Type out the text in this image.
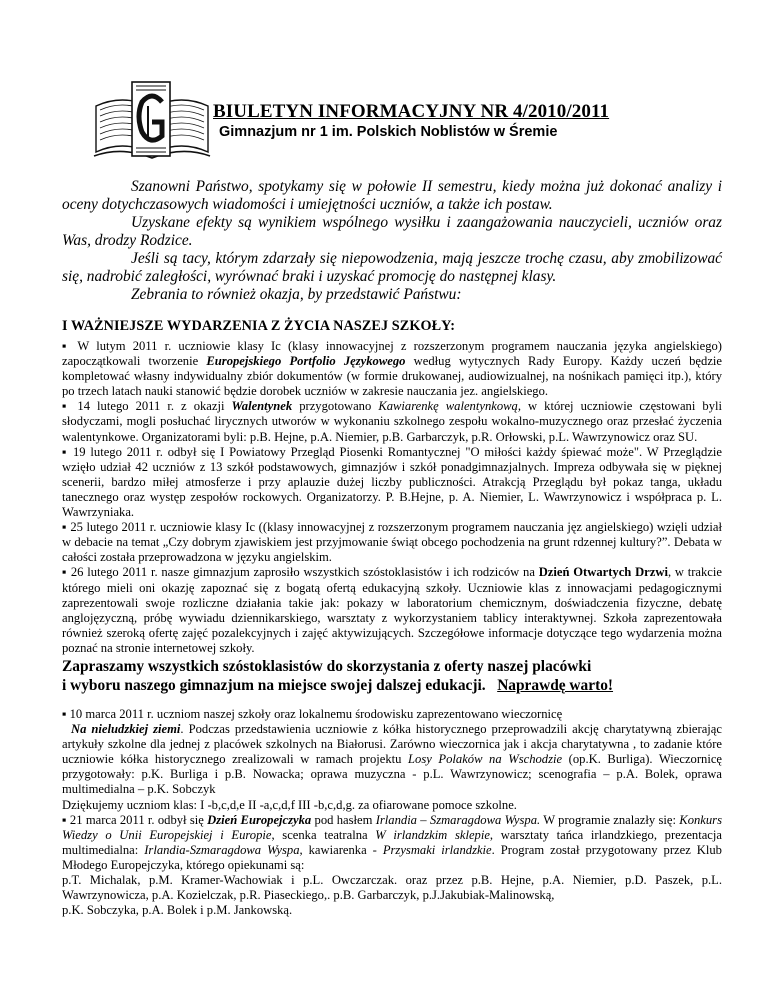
BIULETYN INFORMACYJNY NR 4/2010/2011
Gimnazjum nr 1 im. Polskich Noblistów w Śremie

Szanowni Państwo, spotykamy się w połowie II semestru, kiedy można już dokonać analizy i oceny dotychczasowych wiadomości i umiejętności uczniów, a także ich postaw.

Uzyskane efekty są wynikiem wspólnego wysiłku i zaangażowania nauczycieli, uczniów oraz Was, drodzy Rodzice.

Jeśli są tacy, którym zdarzały się niepowodzenia, mają jeszcze trochę czasu, aby zmobilizować się, nadrobić zaległości, wyrównać braki i uzyskać promocję do następnej klasy.

Zebrania to również okazja, by przedstawić Państwu:

I WAŻNIEJSZE WYDARZENIA Z ŻYCIA NASZEJ SZKOŁY:

▪ W lutym 2011 r. uczniowie klasy Ic (klasy innowacyjnej z rozszerzonym programem nauczania języka angielskiego) zapoczątkowali tworzenie Europejskiego Portfolio Językowego według wytycznych Rady Europy. Każdy uczeń będzie kompletować własny indywidualny zbiór dokumentów (w formie drukowanej, audiowizualnej, na nośnikach pamięci itp.), który po trzech latach nauki stanowić będzie dorobek uczniów w zakresie nauczania jez. angielskiego.

▪ 14 lutego 2011 r. z okazji Walentynek przygotowano Kawiarenkę walentynkową, w której uczniowie częstowani byli słodyczami, mogli posłuchać lirycznych utworów w wykonaniu szkolnego zespołu wokalno-muzycznego oraz przesłać życzenia walentynkowe. Organizatorami byli: p.B. Hejne, p.A. Niemier, p.B. Garbarczyk, p.R. Orłowski, p.L. Wawrzynowicz oraz SU.

▪ 19 lutego 2011 r. odbył się I Powiatowy Przegląd Piosenki Romantycznej "O miłości każdy śpiewać może". W Przeglądzie wzięło udział 42 uczniów z 13 szkół podstawowych, gimnazjów i szkół ponadgimnazjalnych. Impreza odbywała się w pięknej scenerii, bardzo miłej atmosferze i przy aplauzie dużej liczby publiczności. Atrakcją Przeglądu był pokaz tanga, układu tanecznego oraz występ zespołów rockowych. Organizatorzy. P. B.Hejne, p. A. Niemier, L. Wawrzynowicz i współpraca p. L. Wawrzyniaka.

▪ 25 lutego 2011 r. uczniowie klasy Ic ((klasy innowacyjnej z rozszerzonym programem nauczania jęz angielskiego) wzięli udział w debacie na temat „Czy dobrym zjawiskiem jest przyjmowanie świąt obcego pochodzenia na grunt rdzennej kultury?”. Debata w całości została przeprowadzona w języku angielskim.

▪ 26 lutego 2011 r. nasze gimnazjum zaprosiło wszystkich szóstoklasistów i ich rodziców na Dzień Otwartych Drzwi, w trakcie którego mieli oni okazję zapoznać się z bogatą ofertą edukacyjną szkoły. Uczniowie klas z innowacjami pedagogicznymi zaprezentowali swoje rozliczne działania takie jak: pokazy w laboratorium chemicznym, doświadczenia fizyczne, debatę anglojęzyczną, próbę wywiadu dziennikarskiego, warsztaty z wykorzystaniem tablicy interaktywnej. Szkoła zaprezentowała również szeroką ofertę zajęć pozalekcyjnych i zajęć aktywizujących. Szczegółowe informacje dotyczące tego wydarzenia można poznać na stronie internetowej szkoły.

Zapraszamy wszystkich szóstoklasistów do skorzystania z oferty naszej placówki
i wyboru naszego gimnazjum na miejsce swojej dalszej edukacji. Naprawdę warto!

▪ 10 marca 2011 r. uczniom naszej szkoły oraz lokalnemu środowisku zaprezentowano wieczornicę

Na nieludzkiej ziemi. Podczas przedstawienia uczniowie z kółka historycznego przeprowadzili akcję charytatywną zbierając artykuły szkolne dla jednej z placówek szkolnych na Białorusi. Zarówno wieczornica jak i akcja charytatywna , to zadanie które uczniowie kółka historycznego zrealizowali w ramach projektu Losy Polaków na Wschodzie (op.K. Burliga). Wieczornicę przygotowały: p.K. Burliga i p.B. Nowacka; oprawa muzyczna - p.L. Wawrzynowicz; scenografia – p.A. Bolek, oprawa multimedialna – p.K. Sobczyk

Dziękujemy uczniom klas: I -b,c,d,e II -a,c,d,f III -b,c,d,g. za ofiarowane pomoce szkolne.

▪ 21 marca 2011 r. odbył się Dzień Europejczyka pod hasłem Irlandia – Szmaragdowa Wyspa. W programie znalazły się: Konkurs Wiedzy o Unii Europejskiej i Europie, scenka teatralna W irlandzkim sklepie, warsztaty tańca irlandzkiego, prezentacja multimedialna: Irlandia-Szmaragdowa Wyspa, kawiarenka - Przysmaki irlandzkie. Program został przygotowany przez Klub Młodego Europejczyka, którego opiekunami są:

p.T. Michalak, p.M. Kramer-Wachowiak i p.L. Owczarczak. oraz przez p.B. Hejne, p.A. Niemier, p.D. Paszek, p.L. Wawrzynowicza, p.A. Kozielczak, p.R. Piaseckiego,. p.B. Garbarczyk, p.J.Jakubiak-Malinowską,

p.K. Sobczyka, p.A. Bolek i p.M. Jankowską.
